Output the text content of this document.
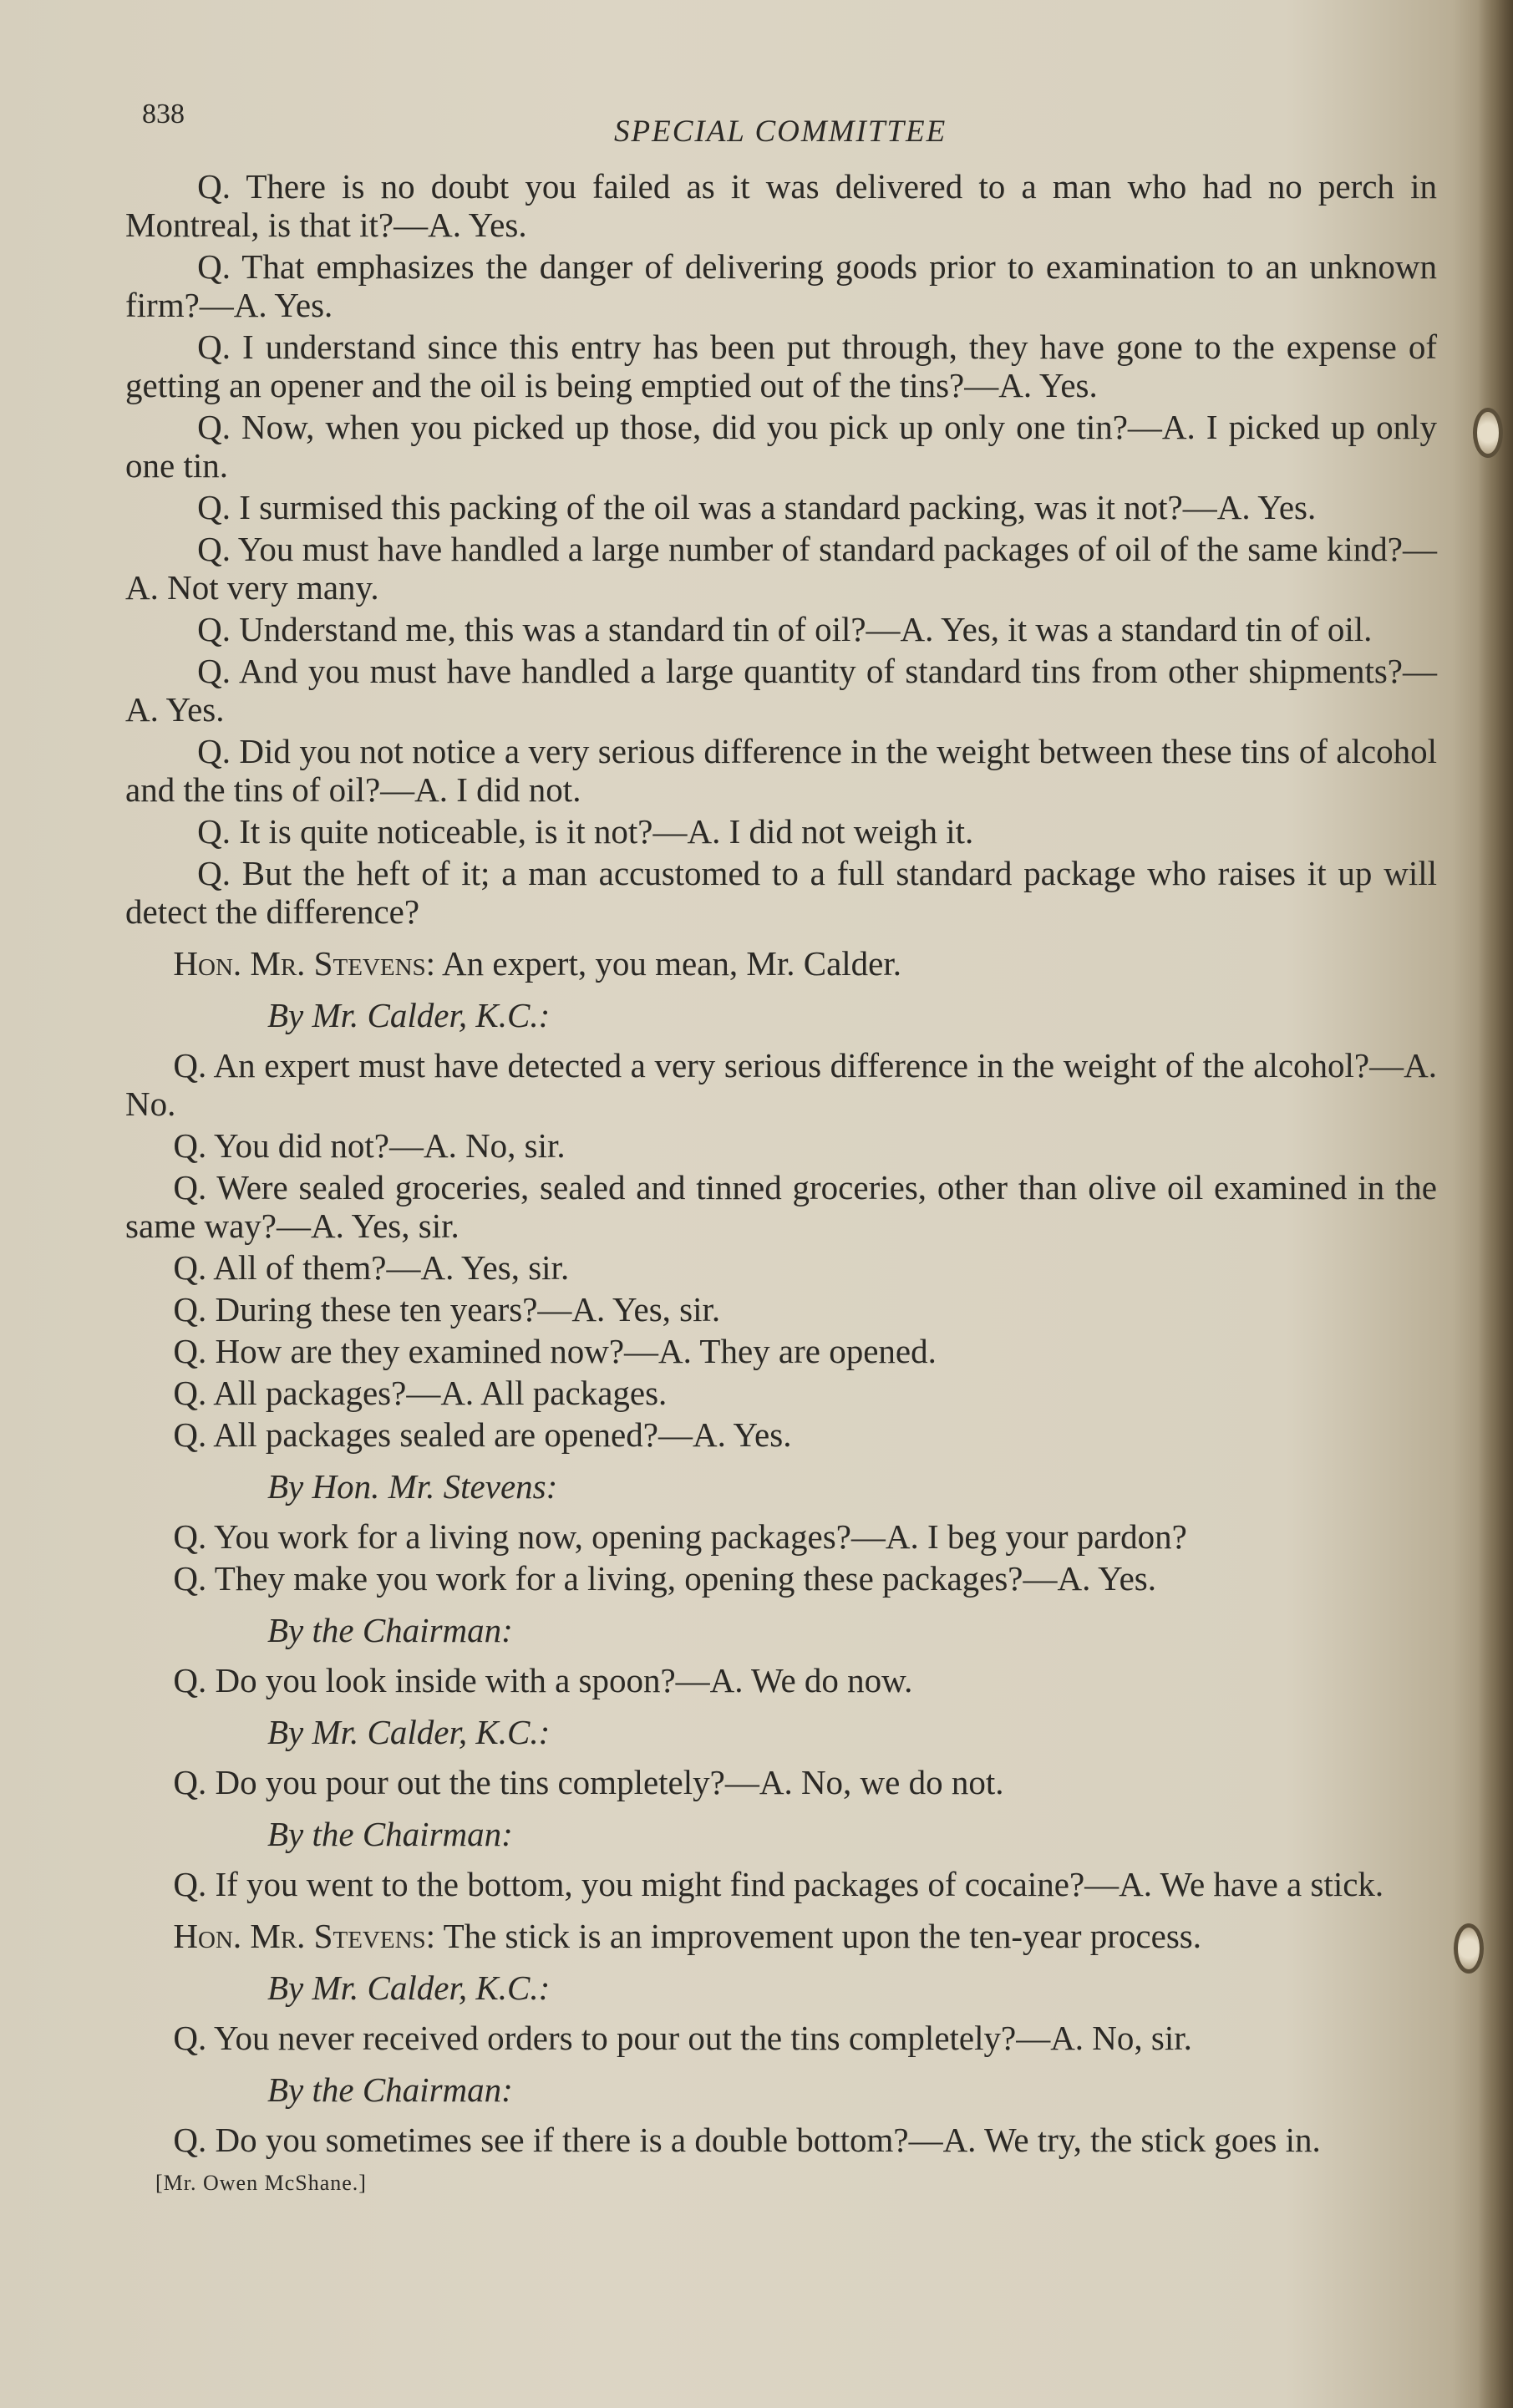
838
SPECIAL COMMITTEE
Q. There is no doubt you failed as it was delivered to a man who had no perch in Montreal, is that it?—A. Yes.
Q. That emphasizes the danger of delivering goods prior to examination to an unknown firm?—A. Yes.
Q. I understand since this entry has been put through, they have gone to the expense of getting an opener and the oil is being emptied out of the tins?—A. Yes.
Q. Now, when you picked up those, did you pick up only one tin?—A. I picked up only one tin.
Q. I surmised this packing of the oil was a standard packing, was it not?—A. Yes.
Q. You must have handled a large number of standard packages of oil of the same kind?—A. Not very many.
Q. Understand me, this was a standard tin of oil?—A. Yes, it was a standard tin of oil.
Q. And you must have handled a large quantity of standard tins from other shipments?—A. Yes.
Q. Did you not notice a very serious difference in the weight between these tins of alcohol and the tins of oil?—A. I did not.
Q. It is quite noticeable, is it not?—A. I did not weigh it.
Q. But the heft of it; a man accustomed to a full standard package who raises it up will detect the difference?
Hon. Mr. Stevens: An expert, you mean, Mr. Calder.
By Mr. Calder, K.C.:
Q. An expert must have detected a very serious difference in the weight of the alcohol?—A. No.
Q. You did not?—A. No, sir.
Q. Were sealed groceries, sealed and tinned groceries, other than olive oil examined in the same way?—A. Yes, sir.
Q. All of them?—A. Yes, sir.
Q. During these ten years?—A. Yes, sir.
Q. How are they examined now?—A. They are opened.
Q. All packages?—A. All packages.
Q. All packages sealed are opened?—A. Yes.
By Hon. Mr. Stevens:
Q. You work for a living now, opening packages?—A. I beg your pardon?
Q. They make you work for a living, opening these packages?—A. Yes.
By the Chairman:
Q. Do you look inside with a spoon?—A. We do now.
By Mr. Calder, K.C.:
Q. Do you pour out the tins completely?—A. No, we do not.
By the Chairman:
Q. If you went to the bottom, you might find packages of cocaine?—A. We have a stick.
Hon. Mr. Stevens: The stick is an improvement upon the ten-year process.
By Mr. Calder, K.C.:
Q. You never received orders to pour out the tins completely?—A. No, sir.
By the Chairman:
Q. Do you sometimes see if there is a double bottom?—A. We try, the stick goes in.
[Mr. Owen McShane.]
